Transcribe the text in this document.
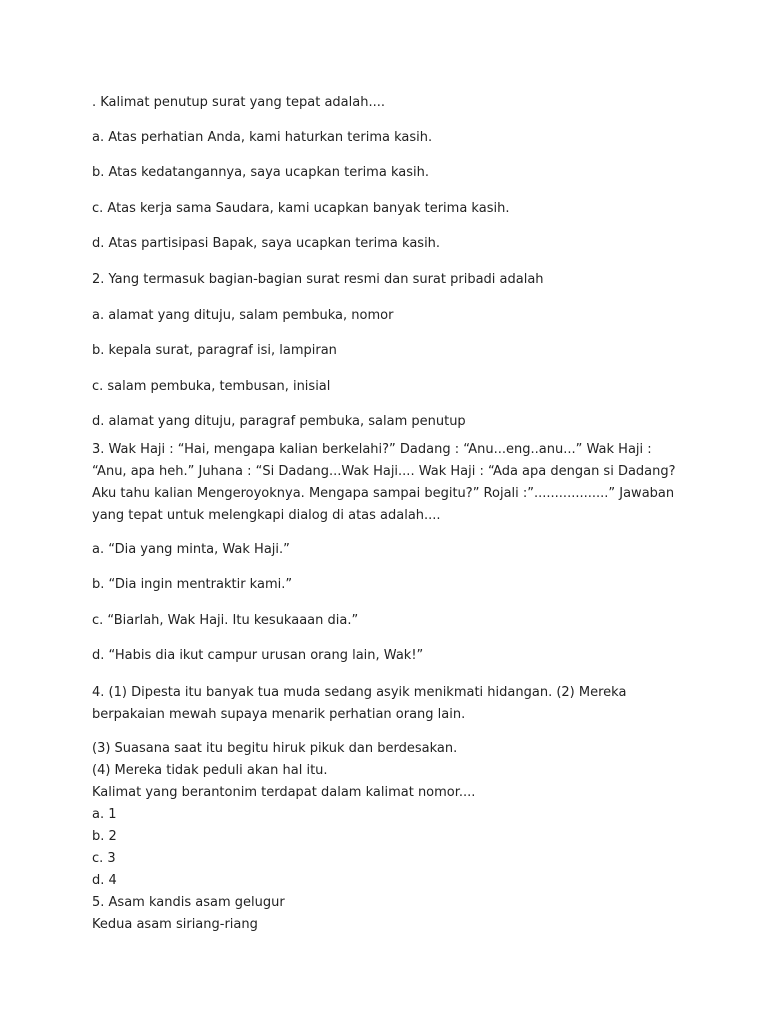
. Kalimat penutup surat yang tepat adalah....
a. Atas perhatian Anda, kami haturkan terima kasih.
b. Atas kedatangannya, saya ucapkan terima kasih.
c. Atas kerja sama Saudara, kami ucapkan banyak terima kasih.
d. Atas partisipasi Bapak, saya ucapkan terima kasih.
2. Yang termasuk bagian-bagian surat resmi dan surat pribadi adalah
a. alamat yang dituju, salam pembuka, nomor
b. kepala surat, paragraf isi, lampiran
c. salam pembuka, tembusan, inisial
d. alamat yang dituju, paragraf pembuka, salam penutup
3. Wak Haji : “Hai, mengapa kalian berkelahi?” Dadang : “Anu...eng..anu...” Wak Haji :
“Anu, apa heh.” Juhana : “Si Dadang...Wak Haji.... Wak Haji : “Ada apa dengan si Dadang?
Aku tahu kalian Mengeroyoknya. Mengapa sampai begitu?” Rojali :”..................” Jawaban
yang tepat untuk melengkapi dialog di atas adalah....
a. “Dia yang minta, Wak Haji.”
b. “Dia ingin mentraktir kami.”
c. “Biarlah, Wak Haji. Itu kesukaaan dia.”
d. “Habis dia ikut campur urusan orang lain, Wak!”
4. (1) Dipesta itu banyak tua muda sedang asyik menikmati hidangan. (2) Mereka
berpakaian mewah supaya menarik perhatian orang lain.
(3) Suasana saat itu begitu hiruk pikuk dan berdesakan.
(4) Mereka tidak peduli akan hal itu.
Kalimat yang berantonim terdapat dalam kalimat nomor....
a. 1
b. 2
c. 3
d. 4
5. Asam kandis asam gelugur
Kedua asam siriang-riang
